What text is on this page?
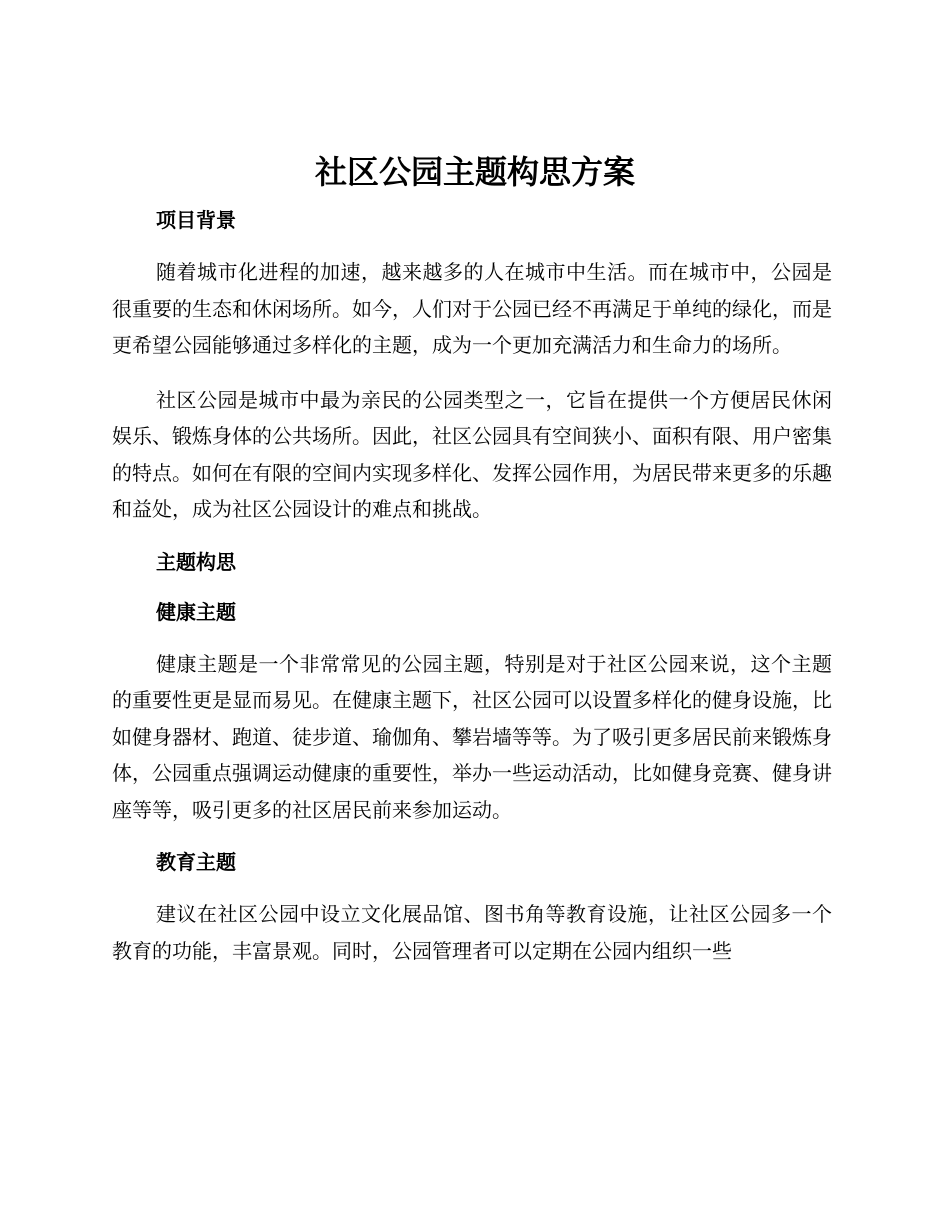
社区公园主题构思方案
项目背景

随着城市化进程的加速，越来越多的人在城市中生活。而在城市中，公园是很重要的生态和休闲场所。如今，人们对于公园已经不再满足于单纯的绿化，而是更希望公园能够通过多样化的主题，成为一个更加充满活力和生命力的场所。

社区公园是城市中最为亲民的公园类型之一，它旨在提供一个方便居民休闲娱乐、锻炼身体的公共场所。因此，社区公园具有空间狭小、面积有限、用户密集的特点。如何在有限的空间内实现多样化、发挥公园作用，为居民带来更多的乐趣和益处，成为社区公园设计的难点和挑战。

主题构思
健康主题

健康主题是一个非常常见的公园主题，特别是对于社区公园来说，这个主题的重要性更是显而易见。在健康主题下，社区公园可以设置多样化的健身设施，比如健身器材、跑道、徒步道、瑜伽角、攀岩墙等等。为了吸引更多居民前来锻炼身体，公园重点强调运动健康的重要性，举办一些运动活动，比如健身竞赛、健身讲座等等，吸引更多的社区居民前来参加运动。

教育主题

建议在社区公园中设立文化展品馆、图书角等教育设施，让社区公园多一个教育的功能，丰富景观。同时，公园管理者可以定期在公园内组织一些
